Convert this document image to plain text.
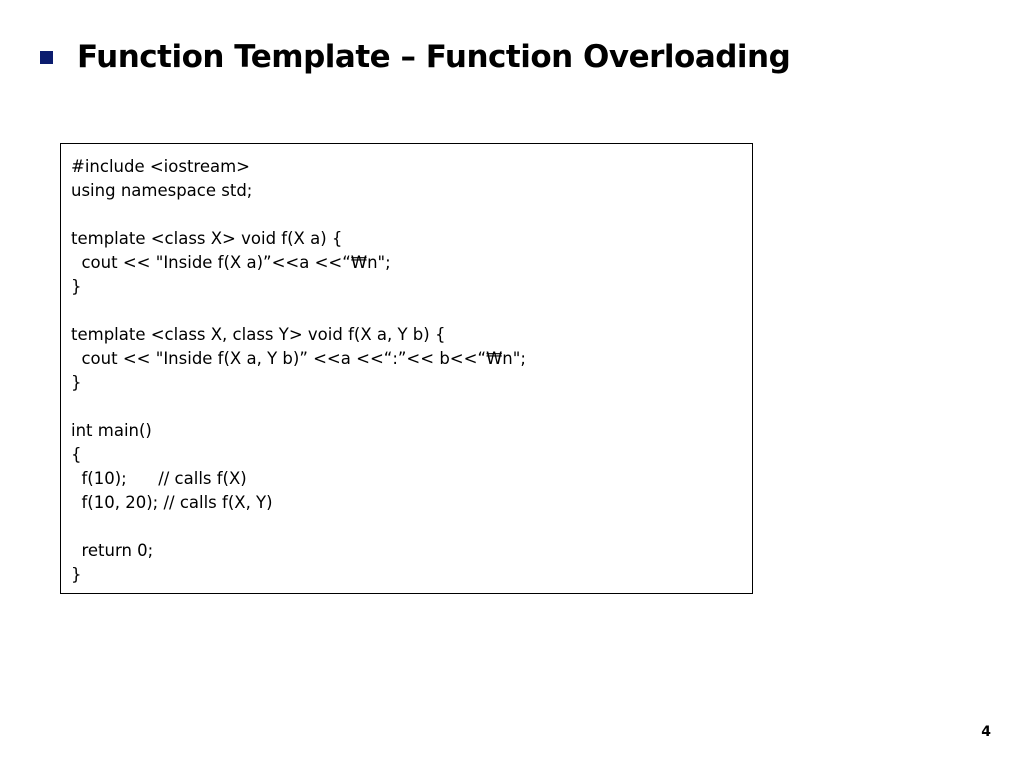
Function Template – Function Overloading
#include <iostream>
using namespace std;
template <class X> void f(X a) {
cout << "Inside f(X a)”<<a <<“₩n";
}
template <class X, class Y> void f(X a, Y b) {
cout << "Inside f(X a, Y b)” <<a <<“:”<< b<<“₩n";
}
int main()
{
f(10);      // calls f(X)
f(10, 20); // calls f(X, Y)
return 0;
}
4
